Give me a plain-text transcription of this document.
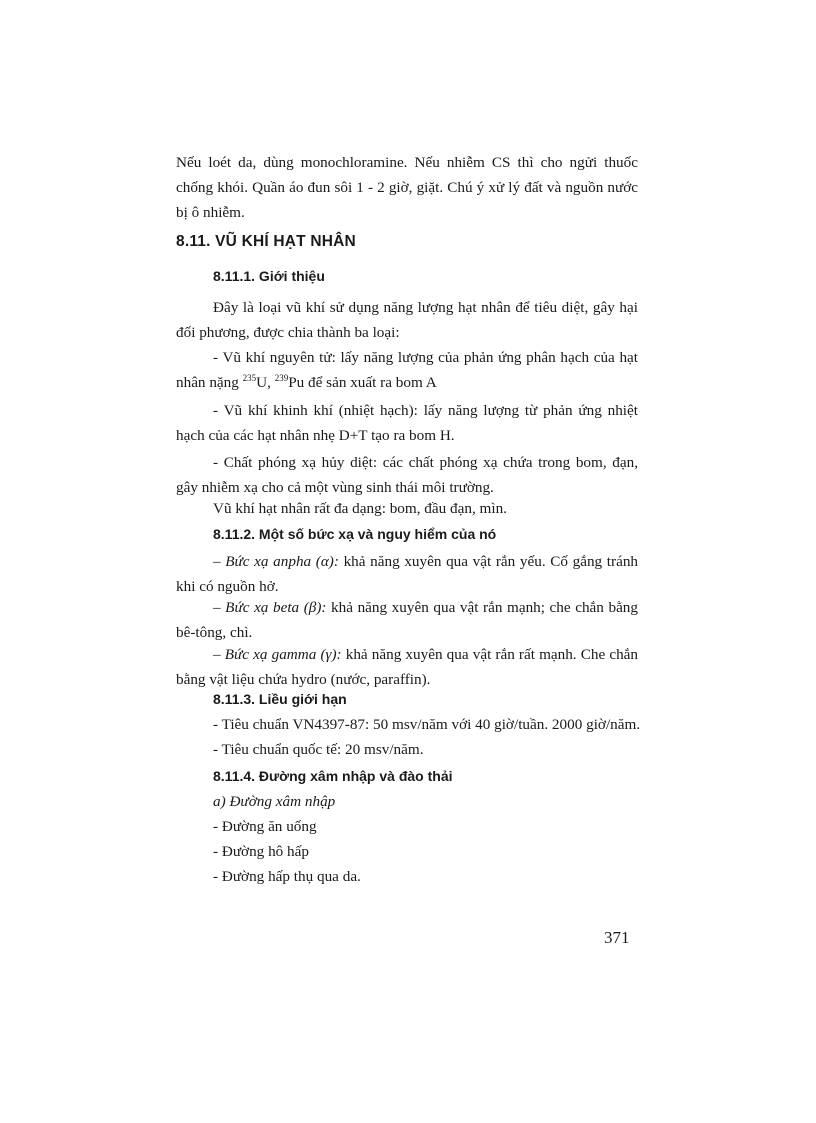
Nếu loét da, dùng monochloramine. Nếu nhiễm CS thì cho ngửi thuốc chống khói. Quần áo đun sôi 1 - 2 giờ, giặt. Chú ý xử lý đất và nguồn nước bị ô nhiễm.
8.11. VŨ KHÍ HẠT NHÂN
8.11.1. Giới thiệu
Đây là loại vũ khí sử dụng năng lượng hạt nhân để tiêu diệt, gây hại đối phương, được chia thành ba loại:
- Vũ khí nguyên tử: lấy năng lượng của phản ứng phân hạch của hạt nhân nặng $^{235}$U, $^{239}$Pu để sản xuất ra bom A
- Vũ khí khinh khí (nhiệt hạch): lấy năng lượng từ phản ứng nhiệt hạch của các hạt nhân nhẹ D+T tạo ra bom H.
- Chất phóng xạ hủy diệt: các chất phóng xạ chứa trong bom, đạn, gây nhiễm xạ cho cả một vùng sinh thái môi trường.
Vũ khí hạt nhân rất đa dạng: bom, đầu đạn, mìn.
8.11.2. Một số bức xạ và nguy hiểm của nó
– Bức xạ anpha (α): khả năng xuyên qua vật rắn yếu. Cố gắng tránh khi có nguồn hở.
– Bức xạ beta (β): khả năng xuyên qua vật rắn mạnh; che chắn bằng bê-tông, chì.
– Bức xạ gamma (γ): khả năng xuyên qua vật rắn rất mạnh. Che chắn bằng vật liệu chứa hydro (nước, paraffin).
8.11.3. Liều giới hạn
- Tiêu chuẩn VN4397-87: 50 msv/năm với 40 giờ/tuần. 2000 giờ/năm.
- Tiêu chuẩn quốc tế: 20 msv/năm.
8.11.4. Đường xâm nhập và đào thải
a) Đường xâm nhập
- Đường ăn uống
- Đường hô hấp
- Đường hấp thụ qua da.
371
